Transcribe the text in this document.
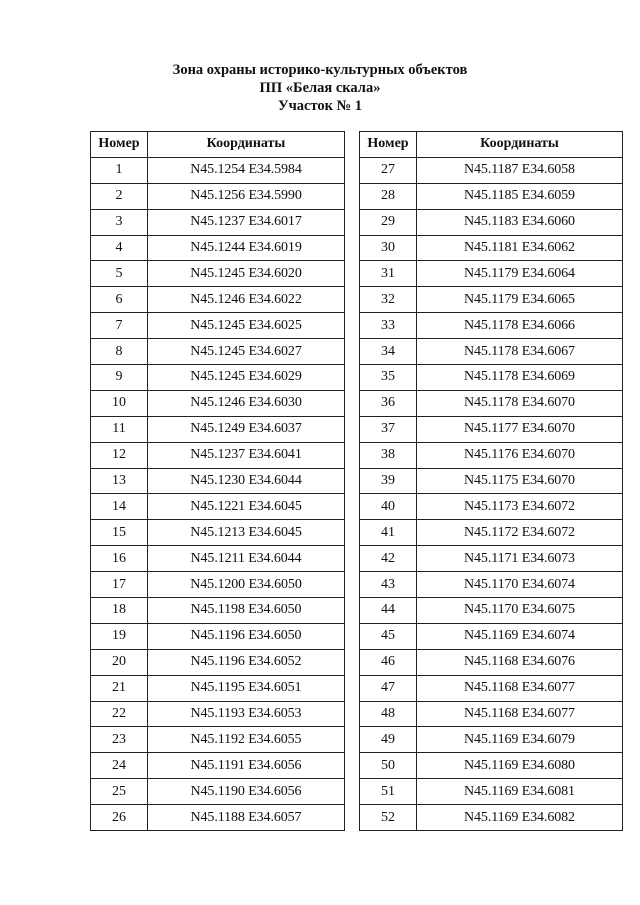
Зона охраны историко-культурных объектов
ПП «Белая скала»
Участок № 1
Номер	Координаты
1	N45.1254 E34.5984
2	N45.1256 E34.5990
3	N45.1237 E34.6017
4	N45.1244 E34.6019
5	N45.1245 E34.6020
6	N45.1246 E34.6022
7	N45.1245 E34.6025
8	N45.1245 E34.6027
9	N45.1245 E34.6029
10	N45.1246 E34.6030
11	N45.1249 E34.6037
12	N45.1237 E34.6041
13	N45.1230 E34.6044
14	N45.1221 E34.6045
15	N45.1213 E34.6045
16	N45.1211 E34.6044
17	N45.1200 E34.6050
18	N45.1198 E34.6050
19	N45.1196 E34.6050
20	N45.1196 E34.6052
21	N45.1195 E34.6051
22	N45.1193 E34.6053
23	N45.1192 E34.6055
24	N45.1191 E34.6056
25	N45.1190 E34.6056
26	N45.1188 E34.6057
Номер	Координаты
27	N45.1187 E34.6058
28	N45.1185 E34.6059
29	N45.1183 E34.6060
30	N45.1181 E34.6062
31	N45.1179 E34.6064
32	N45.1179 E34.6065
33	N45.1178 E34.6066
34	N45.1178 E34.6067
35	N45.1178 E34.6069
36	N45.1178 E34.6070
37	N45.1177 E34.6070
38	N45.1176 E34.6070
39	N45.1175 E34.6070
40	N45.1173 E34.6072
41	N45.1172 E34.6072
42	N45.1171 E34.6073
43	N45.1170 E34.6074
44	N45.1170 E34.6075
45	N45.1169 E34.6074
46	N45.1168 E34.6076
47	N45.1168 E34.6077
48	N45.1168 E34.6077
49	N45.1169 E34.6079
50	N45.1169 E34.6080
51	N45.1169 E34.6081
52	N45.1169 E34.6082
